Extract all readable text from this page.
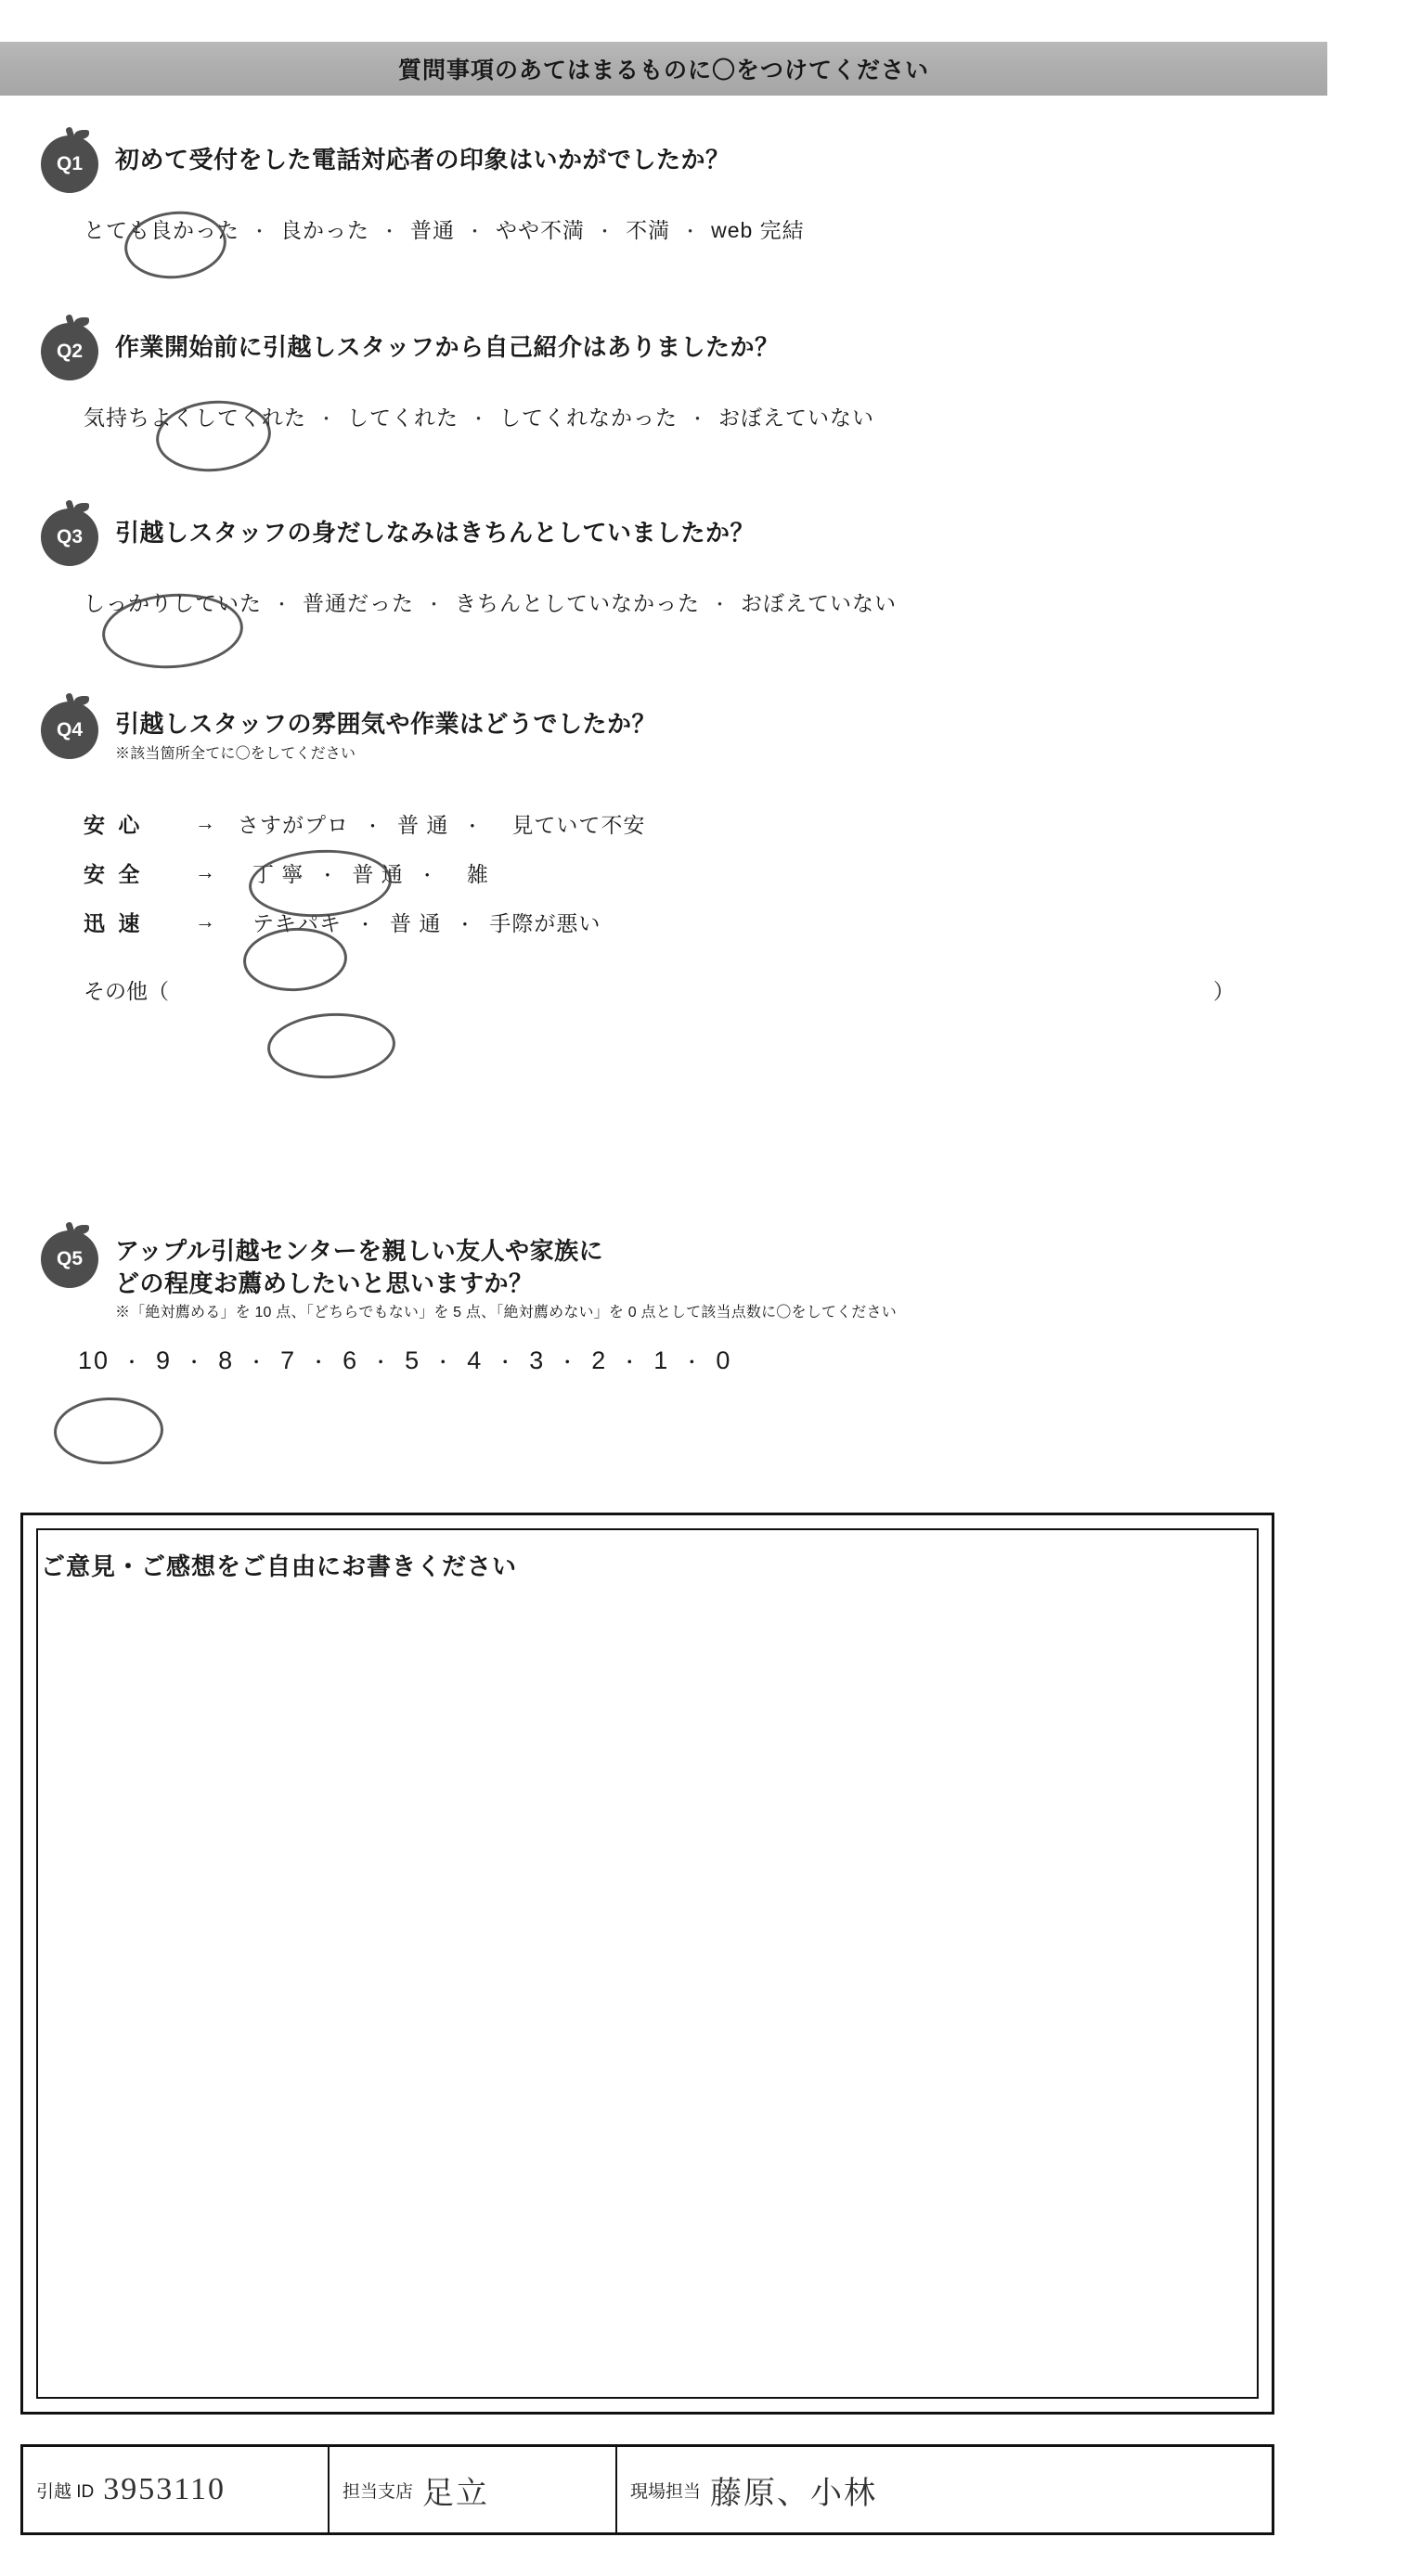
質問事項のあてはまるものに〇をつけてください
Q1	初めて受付をした電話対応者の印象はいかがでしたか？
とても良かった ・ 良かった ・ 普通 ・ やや不満 ・ 不満 ・ web 完結
Q2	作業開始前に引越しスタッフから自己紹介はありましたか？
気持ちよくしてくれた ・ してくれた ・ してくれなかった ・ おぼえていない
Q3	引越しスタッフの身だしなみはきちんとしていましたか？
しっかりしていた ・ 普通だった ・ きちんとしていなかった ・ おぼえていない
Q4	引越しスタッフの雰囲気や作業はどうでしたか？
※該当箇所全てに〇をしてください
安 心	→	さすがプロ ・ 普 通 ・ 見ていて不安
安 全	→	丁 寧 ・ 普 通 ・ 雑
迅 速	→	テキパキ ・ 普 通 ・ 手際が悪い
その他（	）
Q5	アップル引越センターを親しい友人や家族に
どの程度お薦めしたいと思いますか？
※「絶対薦める」を 10 点、「どちらでもない」を 5 点、「絶対薦めない」を 0 点として該当点数に〇をしてください
10 ・ 9 ・ 8 ・ 7 ・ 6 ・ 5 ・ 4 ・ 3 ・ 2 ・ 1 ・ 0
ご意見・ご感想をご自由にお書きください
引越 ID 3953110	担当支店 足立	現場担当 藤原、小林
